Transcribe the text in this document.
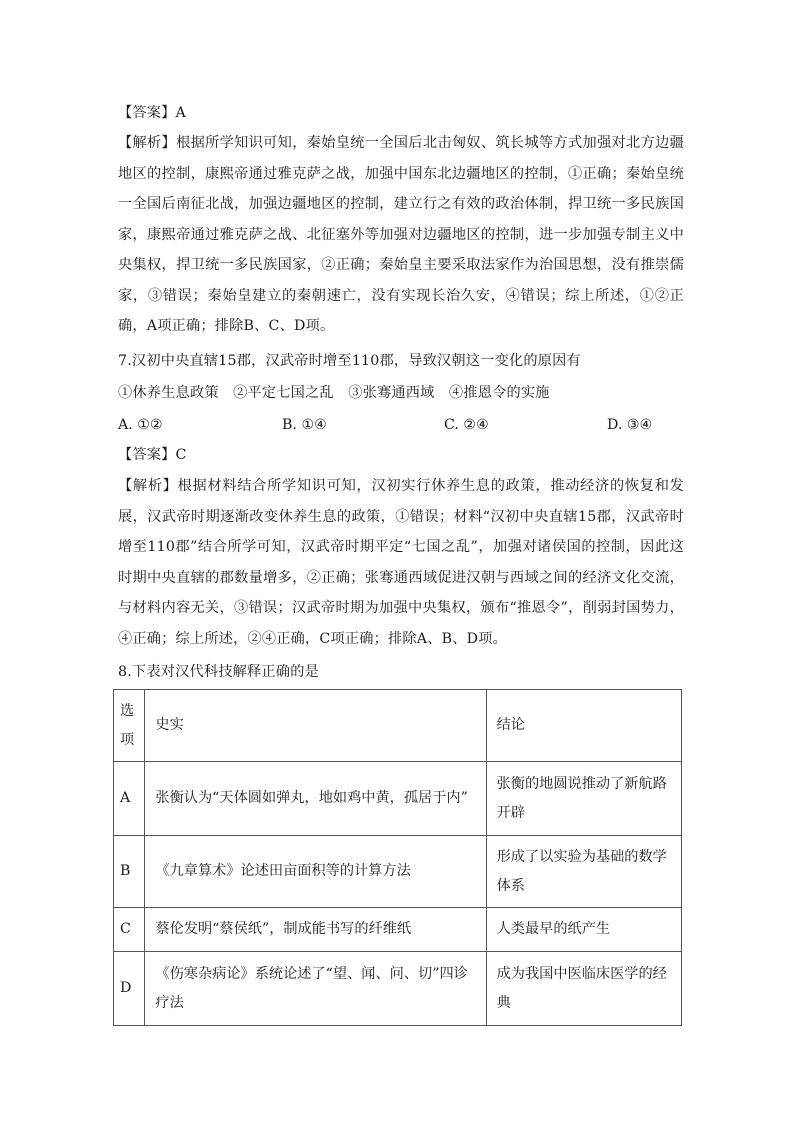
【答案】A
【解析】根据所学知识可知，秦始皇统一全国后北击匈奴、筑长城等方式加强对北方边疆地区的控制，康熙帝通过雅克萨之战，加强中国东北边疆地区的控制，①正确；秦始皇统一全国后南征北战，加强边疆地区的控制，建立行之有效的政治体制，捍卫统一多民族国家，康熙帝通过雅克萨之战、北征塞外等加强对边疆地区的控制，进一步加强专制主义中央集权，捍卫统一多民族国家，②正确；秦始皇主要采取法家作为治国思想，没有推崇儒家，③错误；秦始皇建立的秦朝速亡，没有实现长治久安，④错误；综上所述，①②正确，A项正确；排除B、C、D项。
7.汉初中央直辖15郡，汉武帝时增至110郡，导致汉朝这一变化的原因有
①休养生息政策　②平定七国之乱　③张骞通西域　④推恩令的实施
A. ①②	B. ①④	C. ②④	D. ③④
【答案】C
【解析】根据材料结合所学知识可知，汉初实行休养生息的政策，推动经济的恢复和发展，汉武帝时期逐渐改变休养生息的政策，①错误；材料“汉初中央直辖15郡，汉武帝时增至110郡”结合所学可知，汉武帝时期平定“七国之乱”，加强对诸侯国的控制，因此这时期中央直辖的郡数量增多，②正确；张骞通西域促进汉朝与西域之间的经济文化交流，与材料内容无关，③错误；汉武帝时期为加强中央集权，颁布“推恩令”，削弱封国势力，④正确；综上所述，②④正确，C项正确；排除A、B、D项。
8.下表对汉代科技解释正确的是
选项	史实	结论
A	张衡认为“天体圆如弹丸，地如鸡中黄，孤居于内”	张衡的地圆说推动了新航路开辟
B	《九章算术》论述田亩面积等的计算方法	形成了以实验为基础的数学体系
C	蔡伦发明“蔡侯纸”，制成能书写的纤维纸	人类最早的纸产生
D	《伤寒杂病论》系统论述了“望、闻、问、切”四诊疗法	成为我国中医临床医学的经典
